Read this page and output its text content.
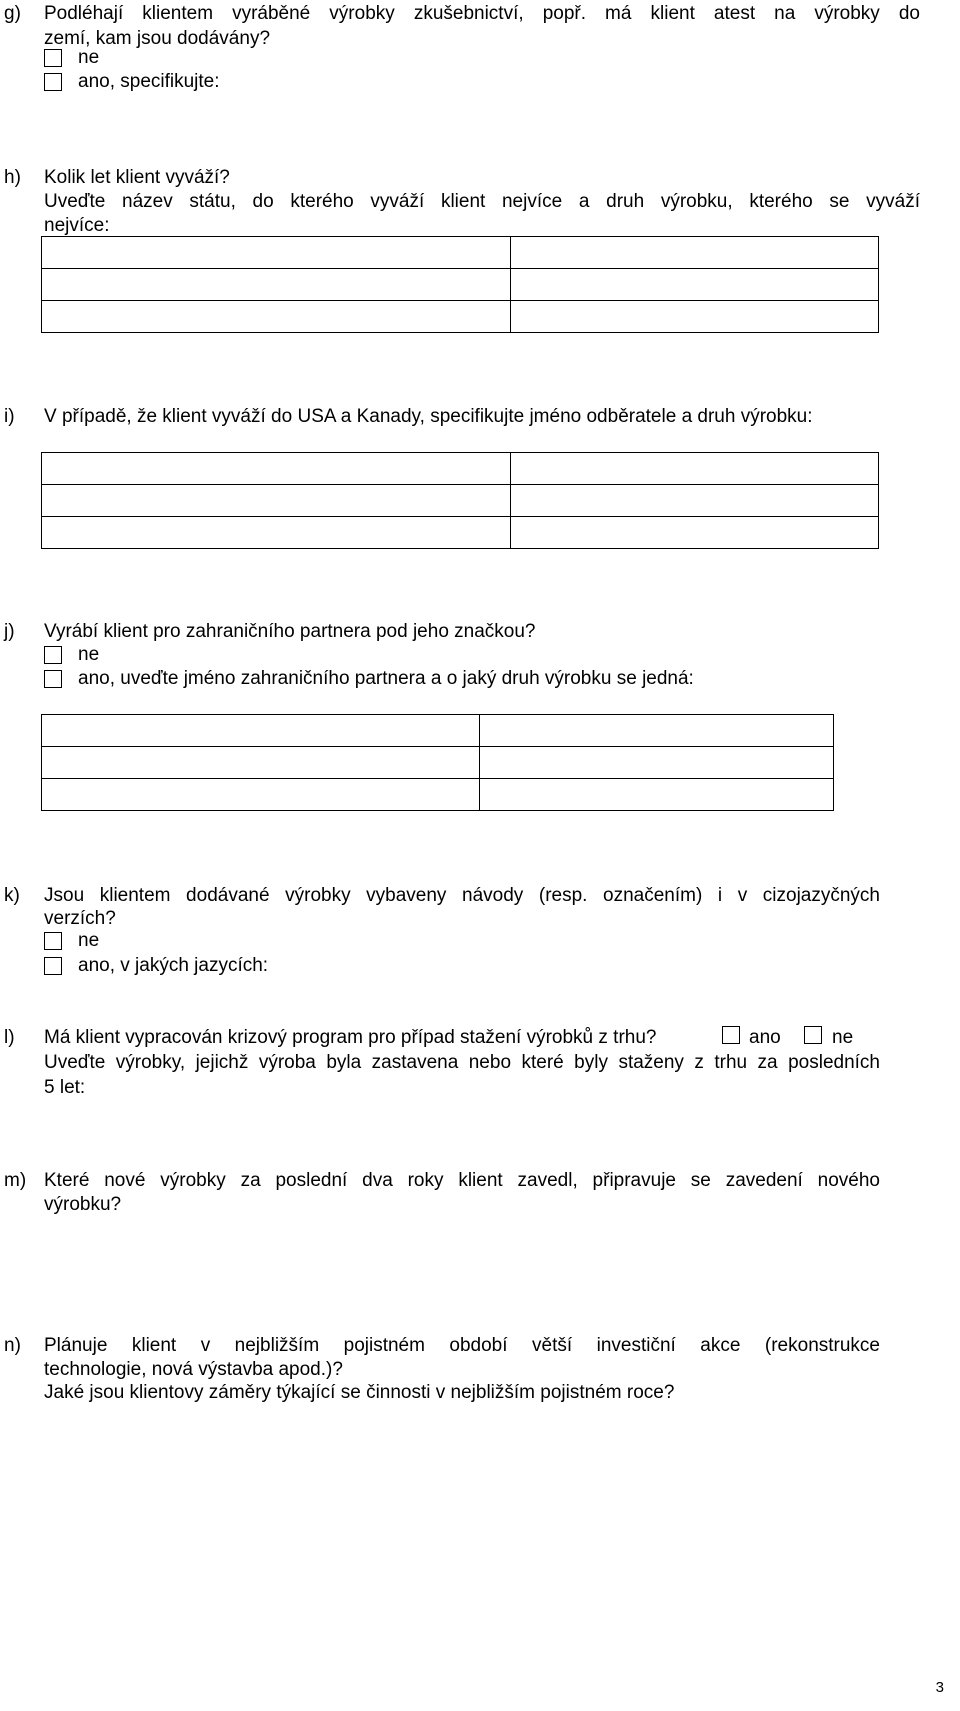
g) Podléhají klientem vyráběné výrobky zkušebnictví, popř. má klient atest na výrobky do
zemí, kam jsou dodávány?
ne
ano, specifikujte:
h) Kolik let klient vyváží?
Uveďte název státu, do kterého vyváží klient nejvíce a druh výrobku, kterého se vyváží
nejvíce:

i) V případě, že klient vyváží do USA a Kanady, specifikujte jméno odběratele a druh výrobku:

j) Vyrábí klient pro zahraničního partnera pod jeho značkou?
ne
ano, uveďte jméno zahraničního partnera a o jaký druh výrobku se jedná:

k) Jsou klientem dodávané výrobky vybaveny návody (resp. označením) i v cizojazyčných
verzích?
ne
ano, v jakých jazycích:
l) Má klient vypracován krizový program pro případ stažení výrobků z trhu?	ano	ne
Uveďte výrobky, jejichž výroba byla zastavena nebo které byly staženy z trhu za posledních
5 let:
m) Které nové výrobky za poslední dva roky klient zavedl, připravuje se zavedení nového
výrobku?
n) Plánuje klient v nejbližším pojistném období větší investiční akce (rekonstrukce
technologie, nová výstavba apod.)?
Jaké jsou klientovy záměry týkající se činnosti v nejbližším pojistném roce?
3
